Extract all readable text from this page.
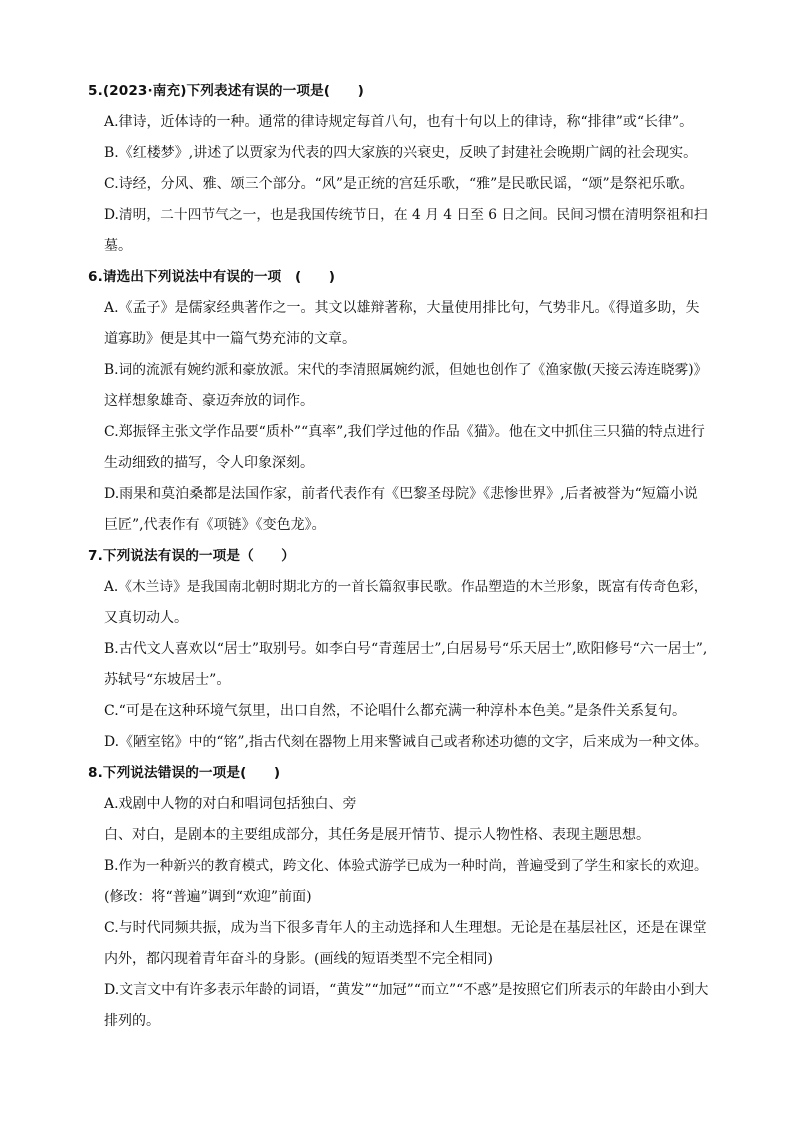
5.(2023·南充)下列表述有误的一项是(　　)
A.律诗，近体诗的一种。通常的律诗规定每首八句，也有十句以上的律诗，称“排律”或“长律”。
B.《红楼梦》,讲述了以贾家为代表的四大家族的兴衰史，反映了封建社会晚期广阔的社会现实。
C.诗经，分风、雅、颂三个部分。“风”是正统的宫廷乐歌，“雅”是民歌民谣，“颂”是祭祀乐歌。
D.清明，二十四节气之一，也是我国传统节日，在 4 月 4 日至 6 日之间。民间习惯在清明祭祖和扫
墓。
6.请选出下列说法中有误的一项　(　　)
A.《孟子》是儒家经典著作之一。其文以雄辩著称，大量使用排比句，气势非凡。《得道多助，失
道寡助》便是其中一篇气势充沛的文章。
B.词的流派有婉约派和豪放派。宋代的李清照属婉约派，但她也创作了《渔家傲(天接云涛连晓雾)》
这样想象雄奇、豪迈奔放的词作。
C.郑振铎主张文学作品要“质朴”“真率”,我们学过他的作品《猫》。他在文中抓住三只猫的特点进行
生动细致的描写，令人印象深刻。
D.雨果和莫泊桑都是法国作家，前者代表作有《巴黎圣母院》《悲惨世界》,后者被誉为“短篇小说
巨匠”,代表作有《项链》《变色龙》。
7.下列说法有误的一项是（　　）
A.《木兰诗》是我国南北朝时期北方的一首长篇叙事民歌。作品塑造的木兰形象，既富有传奇色彩，
又真切动人。
B.古代文人喜欢以“居士”取别号。如李白号“青莲居士”,白居易号“乐天居士”,欧阳修号“六一居士”,
苏轼号“东坡居士”。
C.“可是在这种环境气氛里，出口自然，不论唱什么都充满一种淳朴本色美。”是条件关系复句。
D.《陋室铭》中的“铭”,指古代刻在器物上用来警诫自己或者称述功德的文字，后来成为一种文体。
8.下列说法错误的一项是(　　)
A.戏剧中人物的对白和唱词包括独白、旁
白、对白，是剧本的主要组成部分，其任务是展开情节、提示人物性格、表现主题思想。
B.作为一种新兴的教育模式，跨文化、体验式游学已成为一种时尚，普遍受到了学生和家长的欢迎。
(修改：将“普遍”调到“欢迎”前面)
C.与时代同频共振，成为当下很多青年人的主动选择和人生理想。无论是在基层社区，还是在课堂
内外，都闪现着青年奋斗的身影。(画线的短语类型不完全相同)
D.文言文中有许多表示年龄的词语，“黄发”“加冠”“而立”“不惑”是按照它们所表示的年龄由小到大
排列的。
